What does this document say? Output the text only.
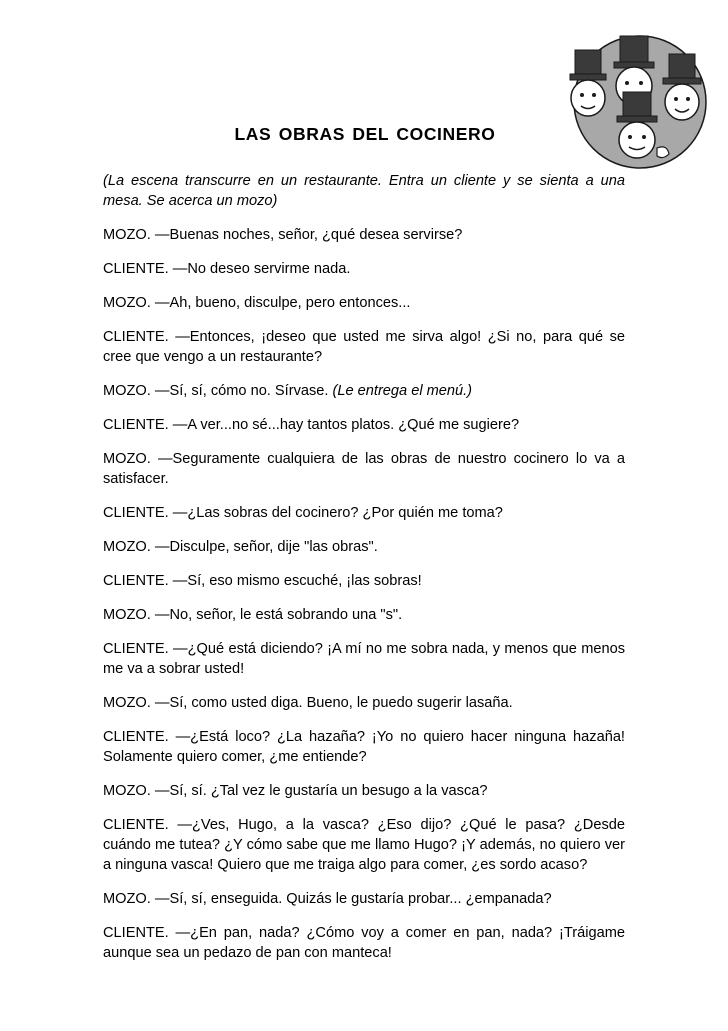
LAS OBRAS DEL COCINERO

(La escena transcurre en un restaurante. Entra un cliente y se sienta a una mesa. Se acerca un mozo)

MOZO. —Buenas noches, señor, ¿qué desea servirse?

CLIENTE. —No deseo servirme nada.

MOZO. —Ah, bueno, disculpe, pero entonces...

CLIENTE. —Entonces, ¡deseo que usted me sirva algo! ¿Si no, para qué se cree que vengo a un restaurante?

MOZO. —Sí, sí, cómo no. Sírvase. (Le entrega el menú.)

CLIENTE. —A ver...no sé...hay tantos platos. ¿Qué me sugiere?

MOZO. —Seguramente cualquiera de las obras de nuestro cocinero lo va a satisfacer.

CLIENTE. —¿Las sobras del cocinero? ¿Por quién me toma?

MOZO. —Disculpe, señor, dije "las obras".

CLIENTE. —Sí, eso mismo escuché, ¡las sobras!

MOZO. —No, señor, le está sobrando una "s".

CLIENTE. —¿Qué está diciendo? ¡A mí no me sobra nada, y menos que menos me va a sobrar usted!

MOZO. —Sí, como usted diga. Bueno, le puedo sugerir lasaña.

CLIENTE. —¿Está loco? ¿La hazaña? ¡Yo no quiero hacer ninguna hazaña! Solamente quiero comer, ¿me entiende?

MOZO. —Sí, sí. ¿Tal vez le gustaría un besugo a la vasca?

CLIENTE. —¿Ves, Hugo, a la vasca? ¿Eso dijo? ¿Qué le pasa? ¿Desde cuándo me tutea? ¿Y cómo sabe que me llamo Hugo? ¡Y además, no quiero ver a ninguna vasca! Quiero que me traiga algo para comer, ¿es sordo acaso?

MOZO. —Sí, sí, enseguida. Quizás le gustaría probar... ¿empanada?

CLIENTE. —¿En pan, nada? ¿Cómo voy a comer en pan, nada? ¡Tráigame aunque sea un pedazo de pan con manteca!
